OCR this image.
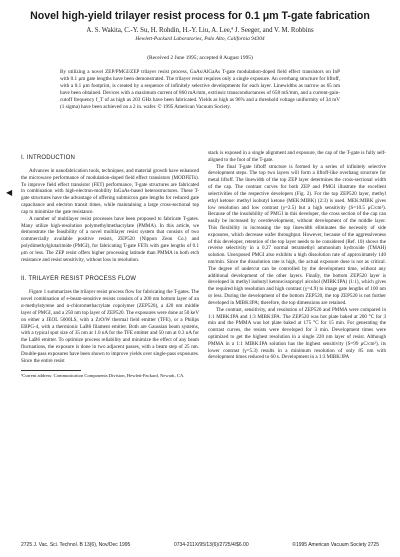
Novel high-yield trilayer resist process for 0.1 μm T-gate fabrication
A. S. Wakita, C.-Y. Su, H. Rohdin, H.-Y. Liu, A. Lee,ª J. Seeger, and V. M. Robbins
Hewlett-Packard Laboratories, Palo Alto, California 94304
(Received 2 June 1995; accepted 8 August 1995)
By utilizing a novel ZEP/PMGI/ZEP trilayer resist process, GaAs/AlGaAs T-gate modulation-doped field effect transistors on InP with 0.1 μm gate lengths have been demonstrated. The trilayer resist requires only a single exposure. An overhang structure for liftoff, with a 0.1 μm footprint, is created by a sequence of infinitely selective developments for each layer. Linewidths as narrow as 65 nm have been obtained. Devices with a maximum current of 860 mA/mm, extrinsic transconductances of 658 mS/mm, and a current-gain-cutoff frequency f_T of as high as 203 GHz have been fabricated. Yields as high as 96% and a threshold voltage uniformity of 34 mV (1 sigma) have been achieved on a 2 in. wafer. © 1995 American Vacuum Society.
◀
I. INTRODUCTION

Advances in nanofabrication tools, techniques, and material growth have enhanced the microwave performance of modulation-doped field effect transistors (MODFETs). To improve field effect transistor (FET) performance, T-gate structures are fabricated in combination with high-electron-mobility InGaAs-based heterostructures. These T-gate structures have the advantage of offering submicron gate lengths for reduced gate capacitance and electron transit times, while maintaining a large cross-sectional top cap to minimize the gate resistance.

A number of multilayer resist processes have been proposed to fabricate T-gates. Many utilize high-resolution polymethylmethacrylate (PMMA). In this article, we demonstrate the feasibility of a novel multilayer resist system that consists of two commercially available positive resists, ZEP520 (Nippon Zeon Co.) and polydimethylglutarimide (PMGI), for fabricating T-gate FETs with gate lengths of 0.1 μm or less. The ZEP resist offers higher processing latitude than PMMA in both etch resistance and resist sensitivity, without loss in resolution.

II. TRILAYER RESIST PROCESS FLOW

Figure 1 summarizes the trilayer resist process flow for fabricating the T-gates. The novel combination of e-beam-sensitive resists consists of a 200 nm bottom layer of an α-methylstyrene and α-chloromethacrylate copolymer (ZEP520), a 420 nm middle layer of PMGI, and a 250 nm top layer of ZEP520. The exposures were done at 50 keV on either a JEOL 5000LS, with a ZrO/W thermal field emitter (TFE), or a Philips EBPG-4, with a thermionic LaB6 filament emitter. Both are Gaussian beam systems, with a typical spot size of 35 nm at 1.0 nA for the TFE emitter and 50 nm at 0.3 nA for the LaB6 emitter. To optimize process reliability and minimize the effect of any beam fluctuations, the exposure is done in two adjacent passes, with a beam step of 25 nm. Double-pass exposures have been shown to improve yields over single-pass exposures. Since the entire resist

ªCurrent address: Communication Components Division, Hewlett-Packard, Newark, CA.

stack is exposed in a single alignment and exposure, the cap of the T-gate is fully self-aligned to the foot of the T-gate.

The final T-gate liftoff structure is formed by a series of infinitely selective development steps. The top two layers will form a liftoff-like overhang structure for metal liftoff. The linewidth of the top ZEP layer determines the cross-sectional width of the cap. The contrast curves for both ZEP and PMGI illustrate the excellent selectivities of the respective developers (Fig. 2). For the top ZEP520 layer, methyl ethyl ketone: methyl isobutyl ketone (MEK:MIBK) (2:3) is used. MEK:MIBK gives low resolution and low contrast (γ=2.5) but a high sensitivity (S=10.5 μC/cm²). Because of the insolubility of PMGI in this developer, the cross section of the cap can easily be increased by overdevelopment, without development of the middle layer. This flexibility in increasing the top linewidth eliminates the necessity of side exposures, which decrease wafer throughput. However, because of the aggressiveness of this developer, retention of the top layer needs to be considered (Ref. 10) shows the reverse selectivity in a 0.27 normal tetramethyl ammonium hydroxide (TMAH) solution. Unexposed PMGI also exhibits a high dissolution rate of approximately 140 nm/min. Since the dissolution rate is high, the actual exposure dose is not as critical. The degree of undercut can be controlled by the development time, without any additional development of the other layers. Finally, the bottom ZEP520 layer is developed in methyl isobutyl ketone:isopropyl alcohol (MIBK:IPA) (1:1), which gives the required high resolution and high contrast (γ=4.9) to image gate lengths of 100 nm or less. During the development of the bottom ZEP520, the top ZEP520 is not further developed in MIBK:IPA; therefore, the top dimensions are retained.

The contrast, sensitivity, and resolution of ZEP520 and PMMA were compared in 1:1 MIBK:IPA and 1:3 MIBK:IPA. The ZEP520 was hot plate baked at 200 °C for 3 min and the PMMA was hot plate baked at 175 °C for 15 min. For generating the contrast curves, the resists were developed for 3 min. Development times were optimized to get the highest resolution in a single 220 nm layer of resist. Although PMMA in a 1:1 MIBK:IPA solution has the highest sensitivity (S=99 μC/cm²), its lower contrast (γ=5.3) results in a minimum resolution of only 85 nm with development times reduced to 60 s. Development in a 1:3 MIBK:IPA

2725 J. Vac. Sci. Technol. B 13(6), Nov/Dec 1995	0734-211X/95/13(6)/2725/4/$6.00	©1995 American Vacuum Society 2725
